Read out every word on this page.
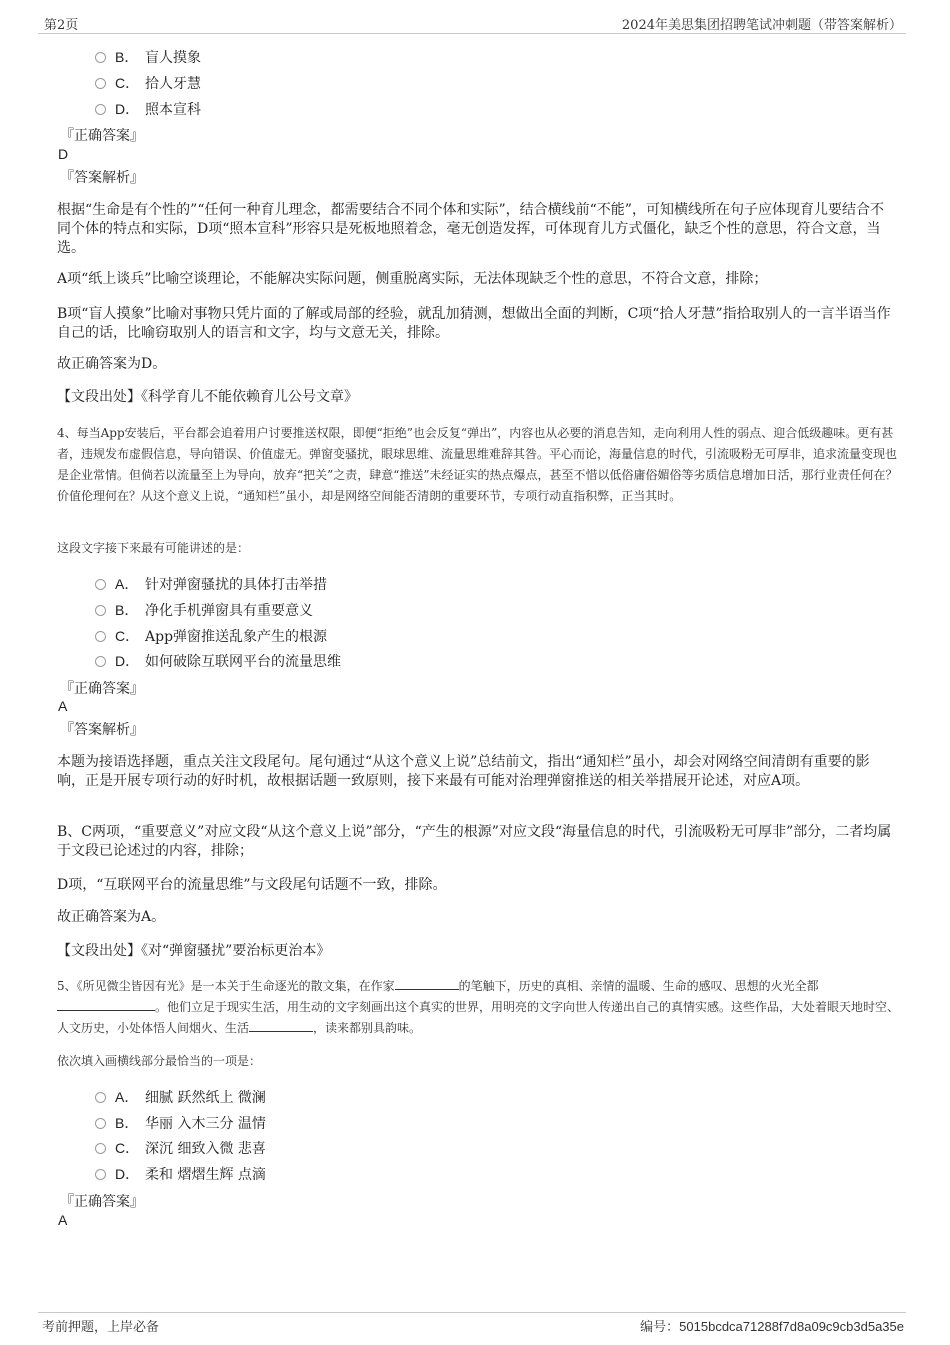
第2页	2024年美思集团招聘笔试冲刺题（带答案解析）
B． 盲人摸象
C． 拾人牙慧
D． 照本宣科
『正确答案』
D
『答案解析』
根据“生命是有个性的”“任何一种育儿理念，都需要结合不同个体和实际”，结合横线前“不能”，可知横线所在句子应体现育儿要结合不同个体的特点和实际，D项“照本宣科”形容只是死板地照着念，毫无创造发挥，可体现育儿方式僵化，缺乏个性的意思，符合文意，当选。
A项“纸上谈兵”比喻空谈理论，不能解决实际问题，侧重脱离实际，无法体现缺乏个性的意思，不符合文意，排除；
B项“盲人摸象”比喻对事物只凭片面的了解或局部的经验，就乱加猜测，想做出全面的判断，C项“拾人牙慧”指拾取别人的一言半语当作自己的话，比喻窃取别人的语言和文字，均与文意无关，排除。
故正确答案为D。
【文段出处】《科学育儿不能依赖育儿公号文章》
4、每当App安装后，平台都会追着用户讨要推送权限，即便“拒绝”也会反复“弹出”，内容也从必要的消息告知，走向利用人性的弱点、迎合低级趣味。更有甚者，违规发布虚假信息，导向错误、价值虚无。弹窗变骚扰，眼球思维、流量思维难辞其咎。平心而论，海量信息的时代，引流吸粉无可厚非，追求流量变现也是企业常情。但倘若以流量至上为导向，放弃“把关”之责，肆意“推送”未经证实的热点爆点，甚至不惜以低俗庸俗媚俗等劣质信息增加日活，那行业责任何在？价值伦理何在？从这个意义上说，“通知栏”虽小，却是网络空间能否清朗的重要环节，专项行动直指积弊，正当其时。
这段文字接下来最有可能讲述的是：
A． 针对弹窗骚扰的具体打击举措
B． 净化手机弹窗具有重要意义
C． App弹窗推送乱象产生的根源
D． 如何破除互联网平台的流量思维
『正确答案』
A
『答案解析』
本题为接语选择题，重点关注文段尾句。尾句通过“从这个意义上说”总结前文，指出“通知栏”虽小，却会对网络空间清朗有重要的影响，正是开展专项行动的好时机，故根据话题一致原则，接下来最有可能对治理弹窗推送的相关举措展开论述，对应A项。
B、C两项，“重要意义”对应文段“从这个意义上说”部分，“产生的根源”对应文段“海量信息的时代，引流吸粉无可厚非”部分，二者均属于文段已论述过的内容，排除；
D项，“互联网平台的流量思维”与文段尾句话题不一致，排除。
故正确答案为A。
【文段出处】《对“弹窗骚扰”要治标更治本》
5、《所见微尘皆因有光》是一本关于生命逐光的散文集，在作家	的笔触下，历史的真相、亲情的温暖、生命的感叹、思想的火光全都。他们立足于现实生活，用生动的文字刻画出这个真实的世界，用明亮的文字向世人传递出自己的真情实感。这些作品，大处着眼天地时空、人文历史，小处体悟人间烟火、生活	，读来都别具韵味。
依次填入画横线部分最恰当的一项是：
A． 细腻 跃然纸上 微澜
B． 华丽 入木三分 温情
C． 深沉 细致入微 悲喜
D． 柔和 熠熠生辉 点滴
『正确答案』
A
考前押题，上岸必备	编号：5015bcdca71288f7d8a09c9cb3d5a35e
